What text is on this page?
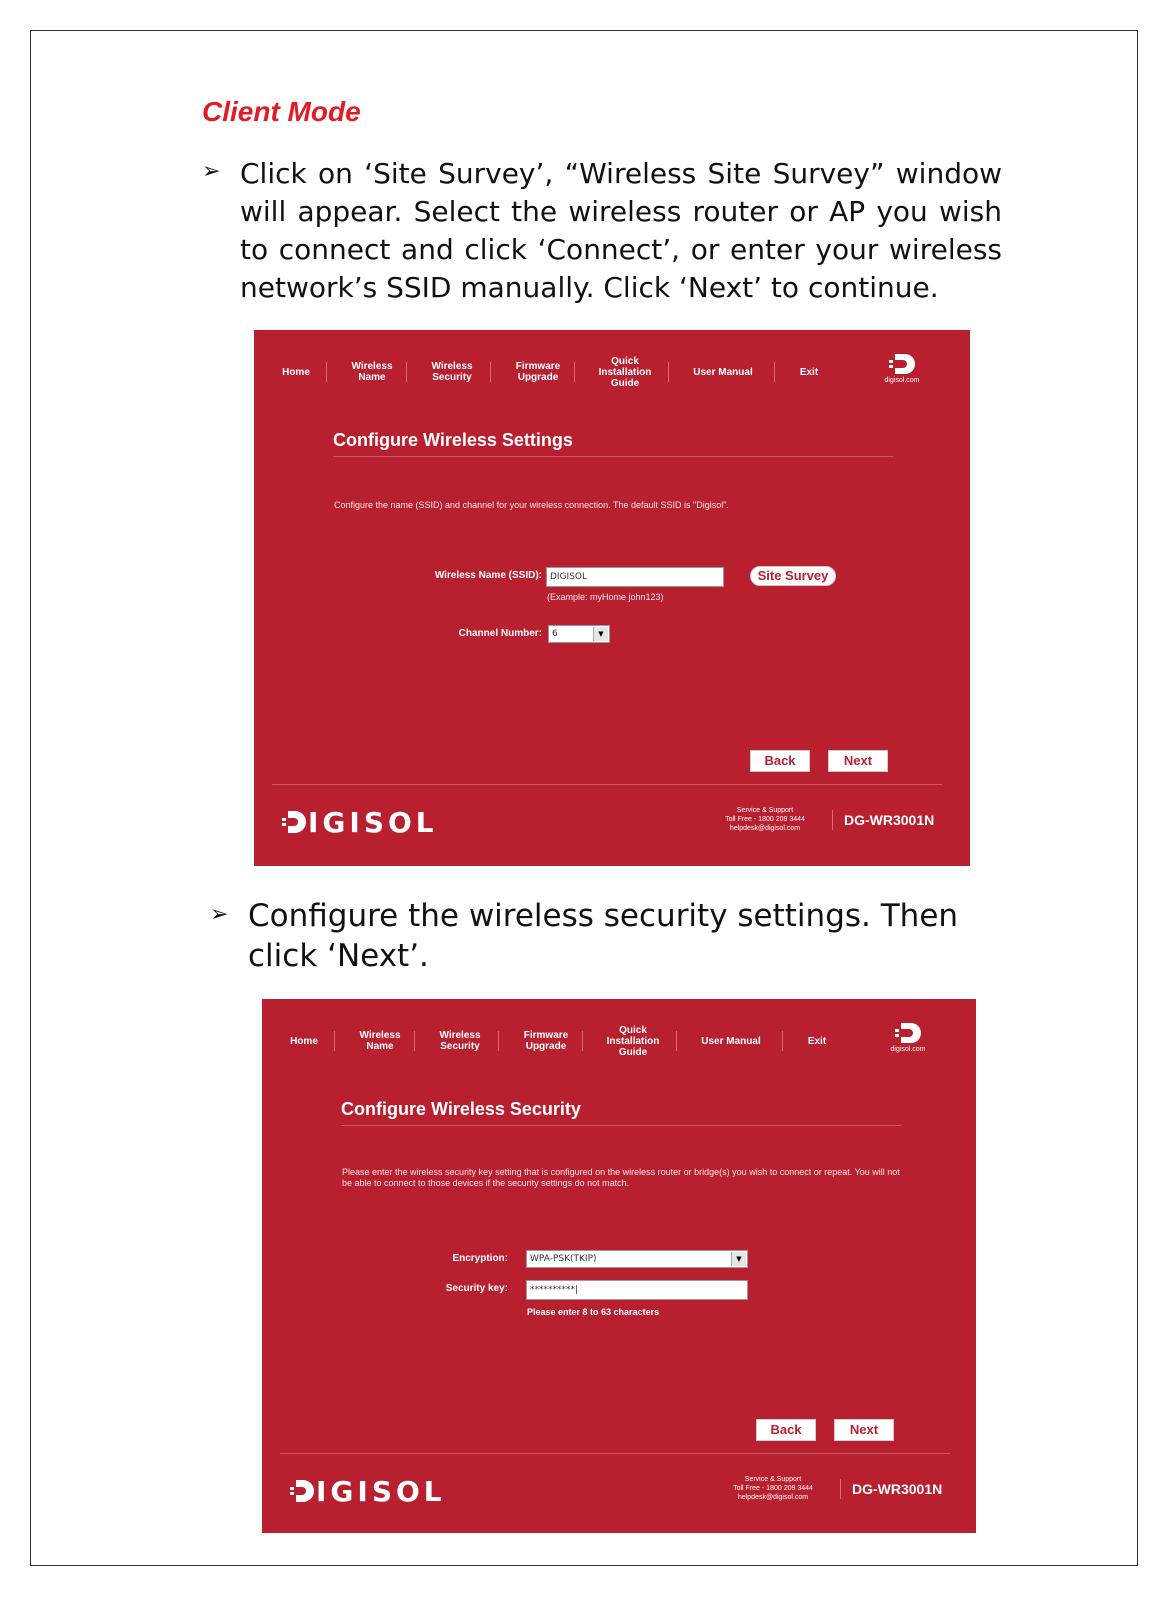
Client Mode
➢ Click on ‘Site Survey’, “Wireless Site Survey” window will appear. Select the wireless router or AP you wish to connect and click ‘Connect’, or enter your wireless network’s SSID manually. Click ‘Next’ to continue.
Home	Wireless Name
Wireless Security
Firmware Upgrade
Quick Installation Guide
User Manual	Exit
digisol.com
Configure Wireless Settings
Configure the name (SSID) and channel for your wireless connection. The default SSID is "Digisol".
Wireless Name (SSID): DIGISOL	Site Survey
(Example: myHome john123)
Channel Number:	6	▼
Back	Next
IGISOL	Service & Support
Toll Free - 1800 209 3444
helpdesk@digisol.com
DG-WR3001N
➢ Configure the wireless security settings. Then click ‘Next’.
Home	Wireless Name
Wireless Security
Firmware Upgrade
Quick Installation Guide
User Manual	Exit
digisol.com
Configure Wireless Security
Please enter the wireless security key setting that is configured on the wireless router or bridge(s) you wish to connect or repeat. You will not be able to connect to those devices if the security settings do not match.
Encryption:	WPA-PSK(TKIP)	▼
Security key:	**********|
Please enter 8 to 63 characters
Back	Next
IGISOL	Service & Support
Toll Free - 1800 209 3444
helpdesk@digisol.com
DG-WR3001N
